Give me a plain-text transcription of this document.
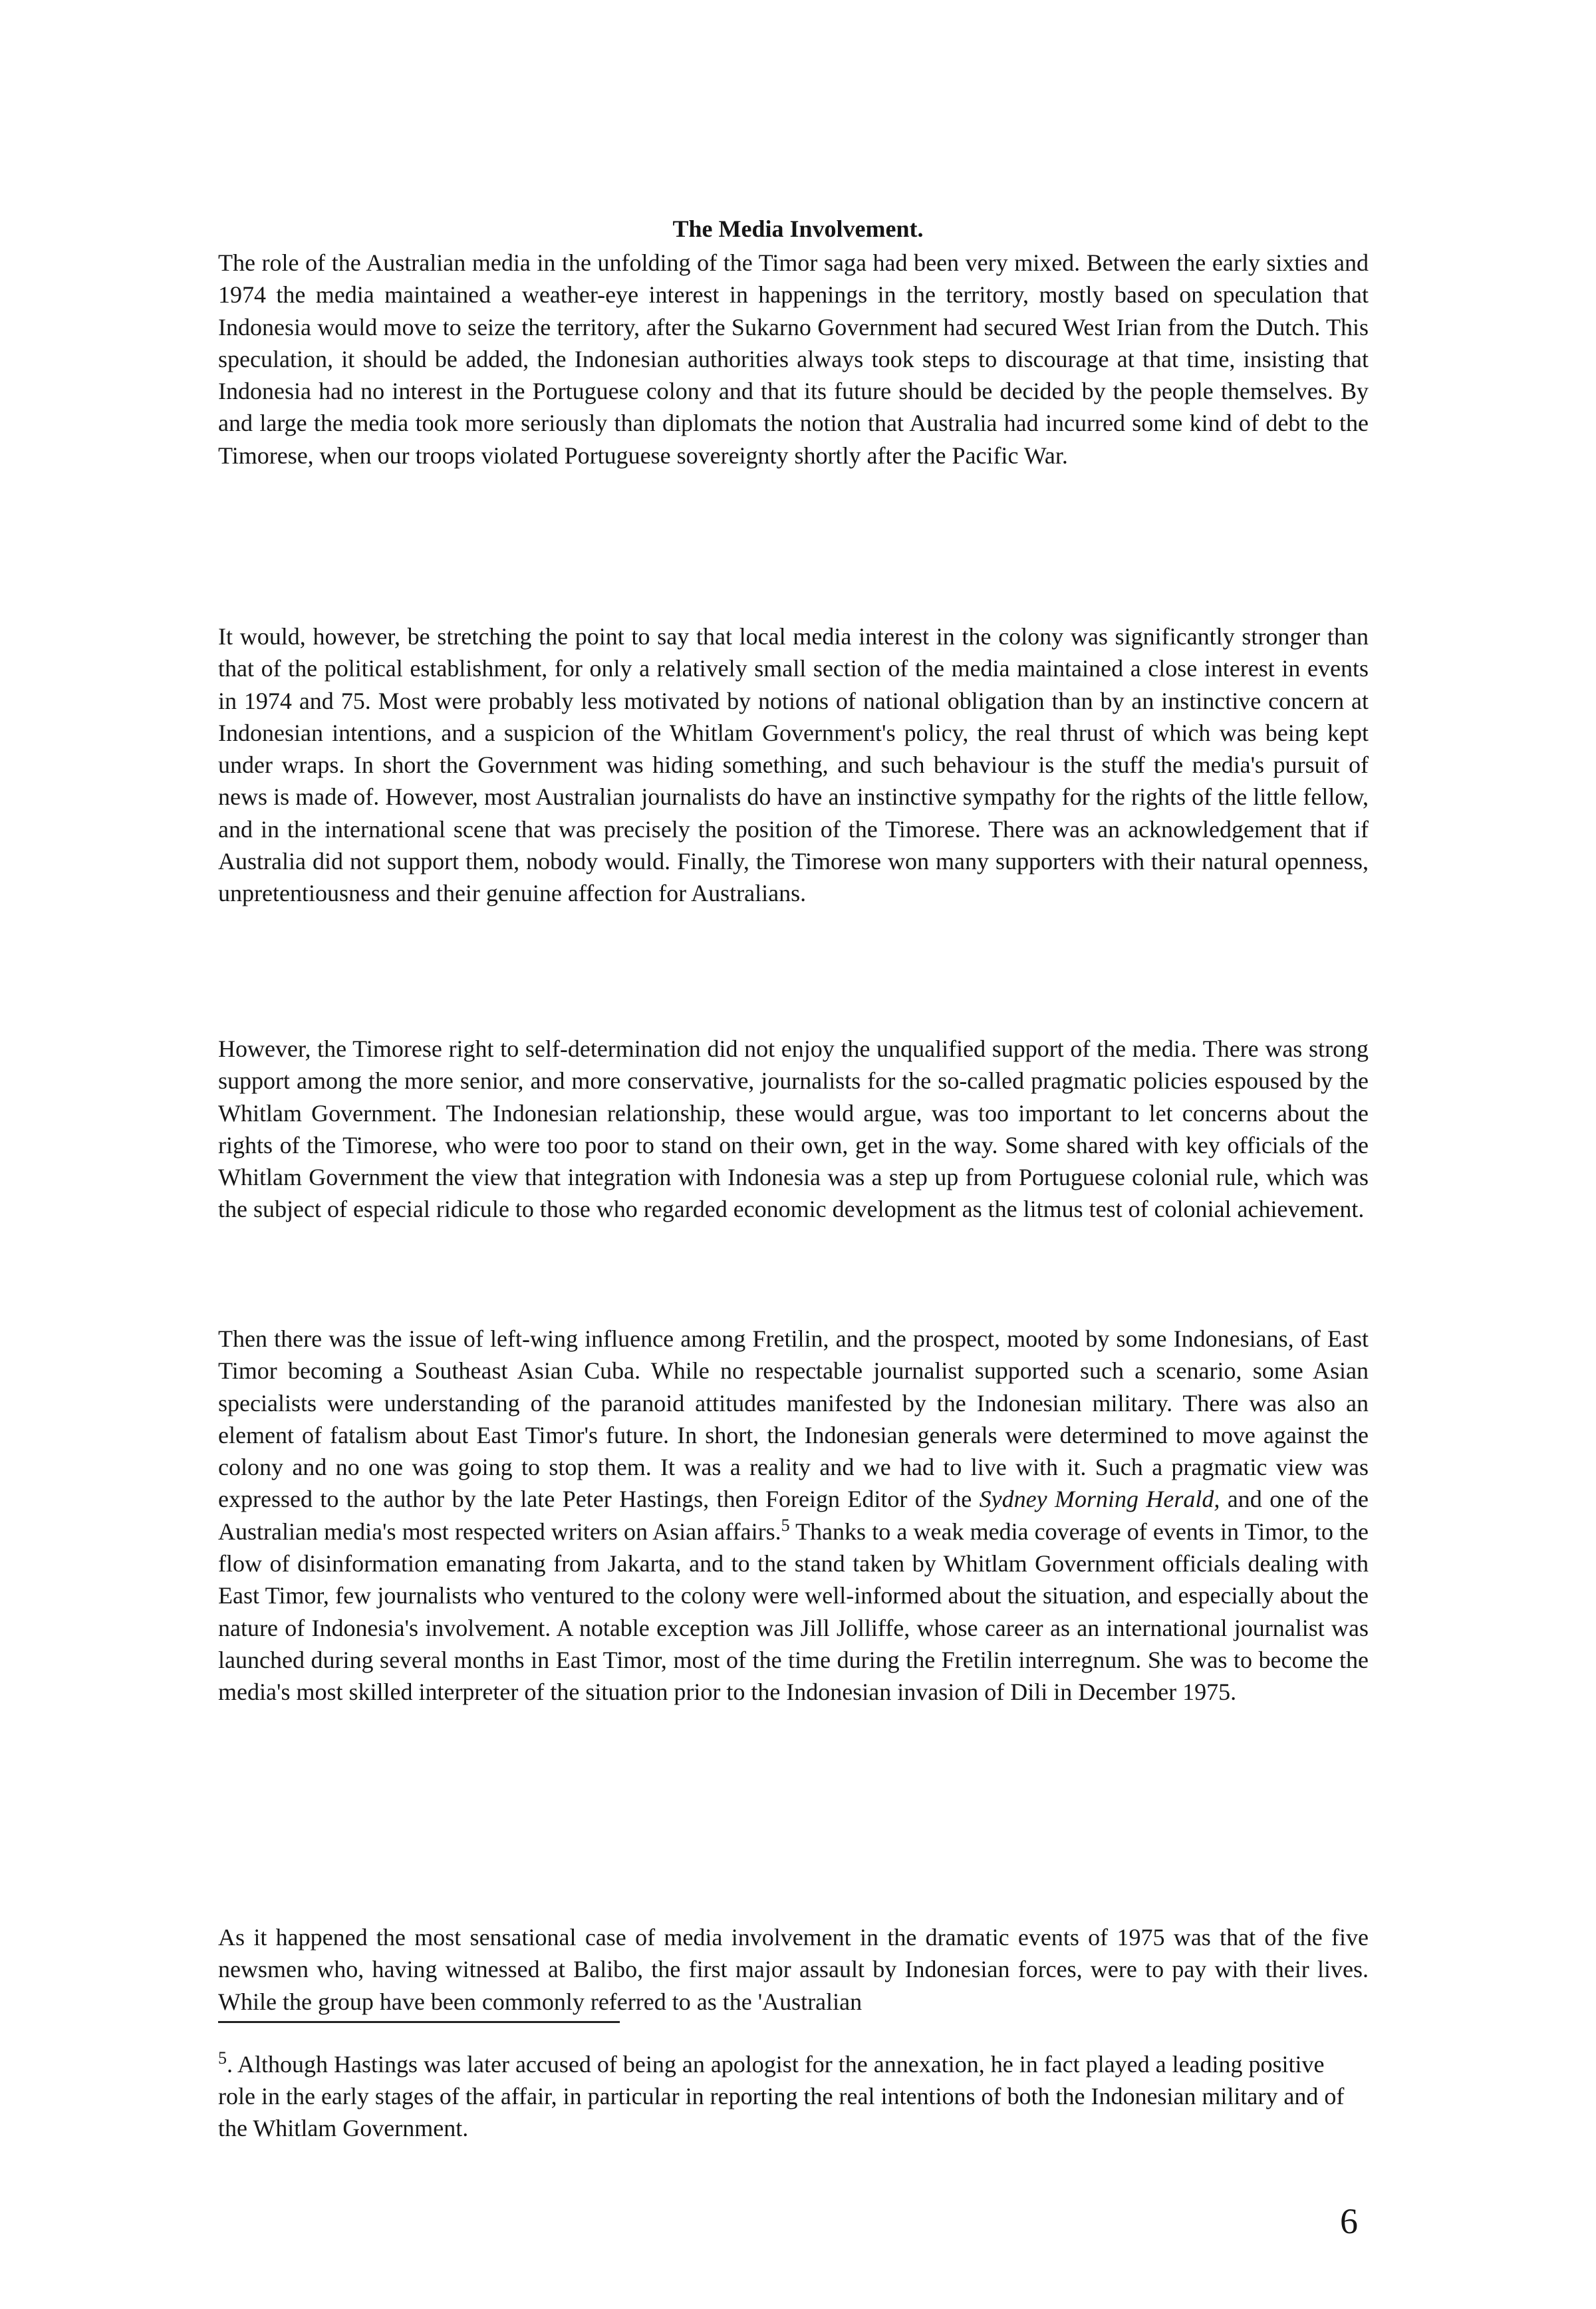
The Media Involvement.

The role of the Australian media in the unfolding of the Timor saga had been very mixed. Between the early sixties and 1974 the media maintained a weather-eye interest in happenings in the territory, mostly based on speculation that Indonesia would move to seize the territory, after the Sukarno Government had secured West Irian from the Dutch. This speculation, it should be added, the Indonesian authorities always took steps to discourage at that time, insisting that Indonesia had no interest in the Portuguese colony and that its future should be decided by the people themselves. By and large the media took more seriously than diplomats the notion that Australia had incurred some kind of debt to the Timorese, when our troops violated Portuguese sovereignty shortly after the Pacific War.

It would, however, be stretching the point to say that local media interest in the colony was significantly stronger than that of the political establishment, for only a relatively small section of the media maintained a close interest in events in 1974 and 75. Most were probably less motivated by notions of national obligation than by an instinctive concern at Indonesian intentions, and a suspicion of the Whitlam Government's policy, the real thrust of which was being kept under wraps. In short the Government was hiding something, and such behaviour is the stuff the media's pursuit of news is made of. However, most Australian journalists do have an instinctive sympathy for the rights of the little fellow, and in the international scene that was precisely the position of the Timorese. There was an acknowledgement that if Australia did not support them, nobody would. Finally, the Timorese won many supporters with their natural openness, unpretentiousness and their genuine affection for Australians.

However, the Timorese right to self-determination did not enjoy the unqualified support of the media. There was strong support among the more senior, and more conservative, journalists for the so-called pragmatic policies espoused by the Whitlam Government. The Indonesian relationship, these would argue, was too important to let concerns about the rights of the Timorese, who were too poor to stand on their own, get in the way. Some shared with key officials of the Whitlam Government the view that integration with Indonesia was a step up from Portuguese colonial rule, which was the subject of especial ridicule to those who regarded economic development as the litmus test of colonial achievement.

Then there was the issue of left-wing influence among Fretilin, and the prospect, mooted by some Indonesians, of East Timor becoming a Southeast Asian Cuba. While no respectable journalist supported such a scenario, some Asian specialists were understanding of the paranoid attitudes manifested by the Indonesian military. There was also an element of fatalism about East Timor's future. In short, the Indonesian generals were determined to move against the colony and no one was going to stop them. It was a reality and we had to live with it. Such a pragmatic view was expressed to the author by the late Peter Hastings, then Foreign Editor of the Sydney Morning Herald, and one of the Australian media's most respected writers on Asian affairs.$^5$ Thanks to a weak media coverage of events in Timor, to the flow of disinformation emanating from Jakarta, and to the stand taken by Whitlam Government officials dealing with East Timor, few journalists who ventured to the colony were well-informed about the situation, and especially about the nature of Indonesia's involvement. A notable exception was Jill Jolliffe, whose career as an international journalist was launched during several months in East Timor, most of the time during the Fretilin interregnum. She was to become the media's most skilled interpreter of the situation prior to the Indonesian invasion of Dili in December 1975.

As it happened the most sensational case of media involvement in the dramatic events of 1975 was that of the five newsmen who, having witnessed at Balibo, the first major assault by Indonesian forces, were to pay with their lives. While the group have been commonly referred to as the 'Australian

$^5$. Although Hastings was later accused of being an apologist for the annexation, he in fact played a leading positive role in the early stages of the affair, in particular in reporting the real intentions of both the Indonesian military and of the Whitlam Government.

6
